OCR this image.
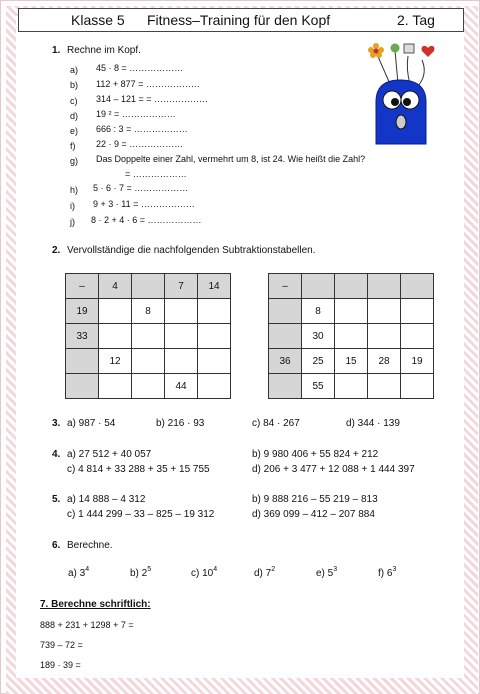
Klasse 5 Fitness–Training für den Kopf	2. Tag
1. Rechne im Kopf.
a) 45 · 8 = ………………
b) 112 + 877 = ………………
c) 314 – 121 = = ………………
d) 19 ² = ………………
e) 666 : 3 = ………………
f) 22 · 9 = ………………
g) Das Doppelte einer Zahl, vermehrt um 8, ist 24. Wie heißt die Zahl?
= ………………
h) 5 · 6 · 7 = ………………
i) 9 + 3 · 11 = ………………
j) 8 · 2 + 4 · 6 = ………………
2. Vervollständige die nachfolgenden Subtraktionstabellen.
–	4		7	14
19		8		
33				
	12			
			44	
–				
	8			
	30			
36	25	15	28	19
	55			
3. a) 987 · 54	b) 216 · 93	c) 84 · 267	d) 344 · 139
4. a) 27 512 + 40 057	b) 9 980 406 + 55 824 + 212
c) 4 814 + 33 288 + 35 + 15 755	d) 206 + 3 477 + 12 088 + 1 444 397
5. a) 14 888 – 4 312	b) 9 888 216 – 55 219 – 813
c) 1 444 299 – 33 – 825 – 19 312	d) 369 099 – 412 – 207 884
6. Berechne.
a) $3^4$	b) $2^5$	c) $10^4$	d) $7^2$	e) $5^3$	f) $6^3$
7. Berechne schriftlich:
888 + 231 + 1298 + 7 =
739 – 72 =
189 · 39 =
